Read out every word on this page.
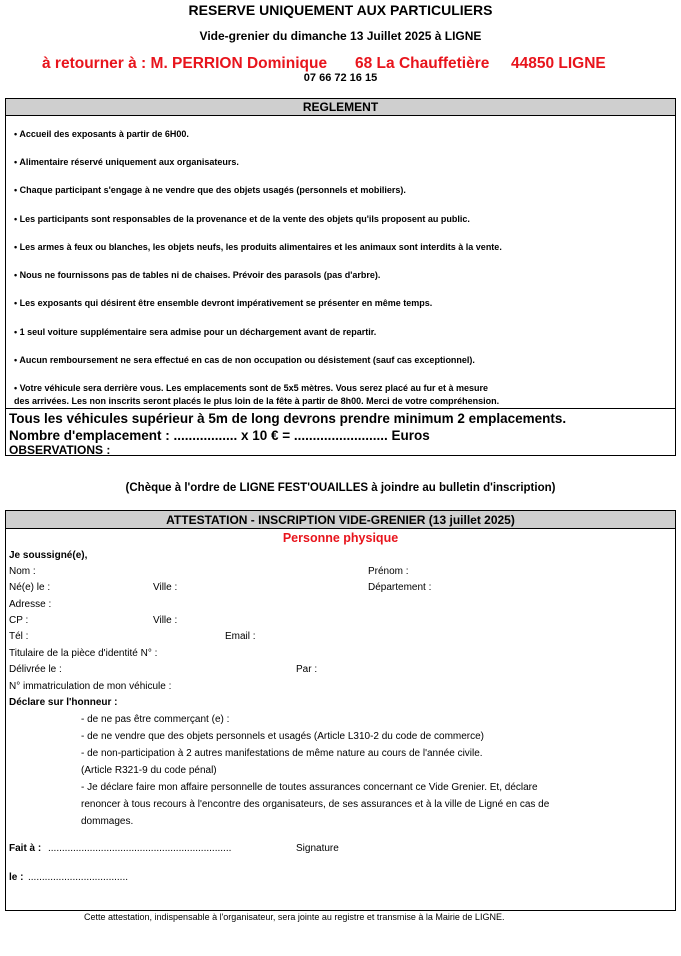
RESERVE UNIQUEMENT AUX PARTICULIERS
Vide-grenier du dimanche 13 Juillet 2025 à LIGNE
à retourner à : M. PERRION Dominique 68 La Chauffetière 44850 LIGNE
07 66 72 16 15
REGLEMENT
• Accueil des exposants à partir de 6H00.
• Alimentaire réservé uniquement aux organisateurs.
• Chaque participant s'engage à ne vendre que des objets usagés (personnels et mobiliers).
• Les participants sont responsables de la provenance et de la vente des objets qu'ils proposent au public.
• Les armes à feux ou blanches, les objets neufs, les produits alimentaires et les animaux sont interdits à la vente.
• Nous ne fournissons pas de tables ni de chaises. Prévoir des parasols (pas d'arbre).
• Les exposants qui désirent être ensemble devront impérativement se présenter en même temps.
• 1 seul voiture supplémentaire sera admise pour un déchargement avant de repartir.
• Aucun remboursement ne sera effectué en cas de non occupation ou désistement (sauf cas exceptionnel).
• Votre véhicule sera derrière vous. Les emplacements sont de 5x5 mètres. Vous serez placé au fur et à mesure
des arrivées. Les non inscrits seront placés le plus loin de la fête à partir de 8h00. Merci de votre compréhension.
Tous les véhicules supérieur à 5m de long devrons prendre minimum 2 emplacements.
Nombre d'emplacement : ................. x 10 € = ......................... Euros
OBSERVATIONS :
(Chèque à l'ordre de LIGNE FEST'OUAILLES à joindre au bulletin d'inscription)
ATTESTATION - INSCRIPTION VIDE-GRENIER (13 juillet 2025)
Personne physique
Je soussigné(e),
Nom :	Prénom :
Né(e) le :	Ville :	Département :
Adresse :
CP :	Ville :
Tél :	Email :
Titulaire de la pièce d'identité N° :
Délivrée le :	Par :
N° immatriculation de mon véhicule :
Déclare sur l'honneur :
- de ne pas être commerçant (e) :
- de ne vendre que des objets personnels et usagés (Article L310-2 du code de commerce)
- de non-participation à 2 autres manifestations de même nature au cours de l'année civile.
(Article R321-9 du code pénal)
- Je déclare faire mon affaire personnelle de toutes assurances concernant ce Vide Grenier. Et, déclare
renoncer à tous recours à l'encontre des organisateurs, de ses assurances et à la ville de Ligné en cas de
dommages.
Fait à : ..................................................................	Signature
le : ....................................
Cette attestation, indispensable à l'organisateur, sera jointe au registre et transmise à la Mairie de LIGNE.
